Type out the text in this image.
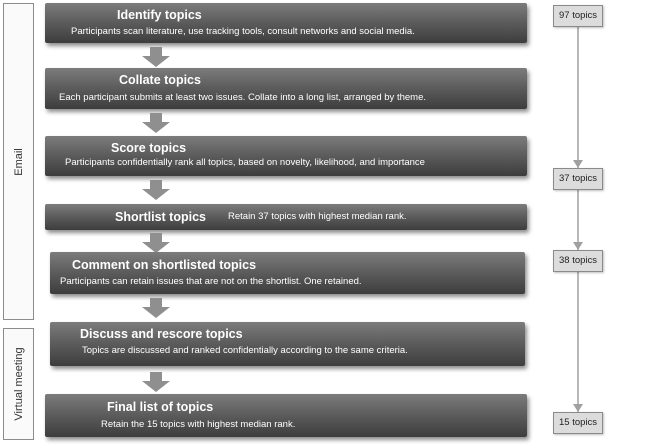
Email
Virtual meeting
Identify topics
Participants scan literature, use tracking tools, consult networks and social media.
Collate topics
Each participant submits at least two issues. Collate into a long list, arranged by theme.
Score topics
Participants confidentially rank all topics, based on novelty, likelihood, and importance
Shortlist topics Retain 37 topics with highest median rank.
Comment on shortlisted topics
Participants can retain issues that are not on the shortlist. One retained.
Discuss and rescore topics
Topics are discussed and ranked confidentially according to the same criteria.
Final list of topics
Retain the 15 topics with highest median rank.
97 topics
37 topics
38 topics
15 topics
